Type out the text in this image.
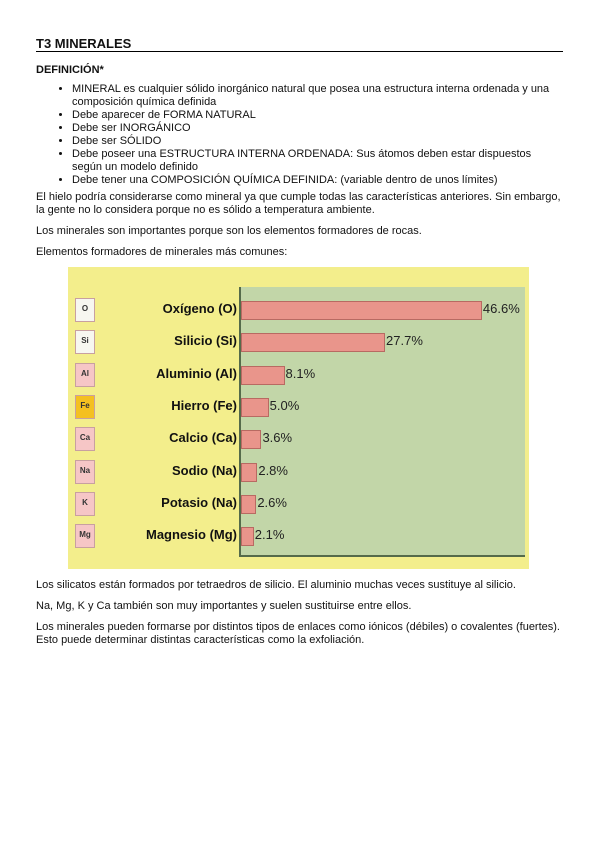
T3 MINERALES
DEFINICIÓN*
• MINERAL es cualquier sólido inorgánico natural que posea una estructura interna ordenada y una composición química definida
• Debe aparecer de FORMA NATURAL
• Debe ser INORGÁNICO
• Debe ser SÓLIDO
• Debe poseer una ESTRUCTURA INTERNA ORDENADA: Sus átomos deben estar dispuestos según un modelo definido
• Debe tener una COMPOSICIÓN QUÍMICA DEFINIDA: (variable dentro de unos límites)

El hielo podría considerarse como mineral ya que cumple todas las características anteriores. Sin embargo, la gente no lo considera porque no es sólido a temperatura ambiente.

Los minerales son importantes porque son los elementos formadores de rocas.

Elementos formadores de minerales más comunes:

O	Oxígeno (O)	46.6%
Si	Silicio (Si)	27.7%
Al	Aluminio (Al)	8.1%
Fe	Hierro (Fe)	5.0%
Ca	Calcio (Ca) 3.6%
Na	Sodio (Na) 2.8%
K	Potasio (Na) 2.6%
Mg	Magnesio (Mg) 2.1%

Los silicatos están formados por tetraedros de silicio. El aluminio muchas veces sustituye al silicio.

Na, Mg, K y Ca también son muy importantes y suelen sustituirse entre ellos.

Los minerales pueden formarse por distintos tipos de enlaces como iónicos (débiles) o covalentes (fuertes). Esto puede determinar distintas características como la exfoliación.
